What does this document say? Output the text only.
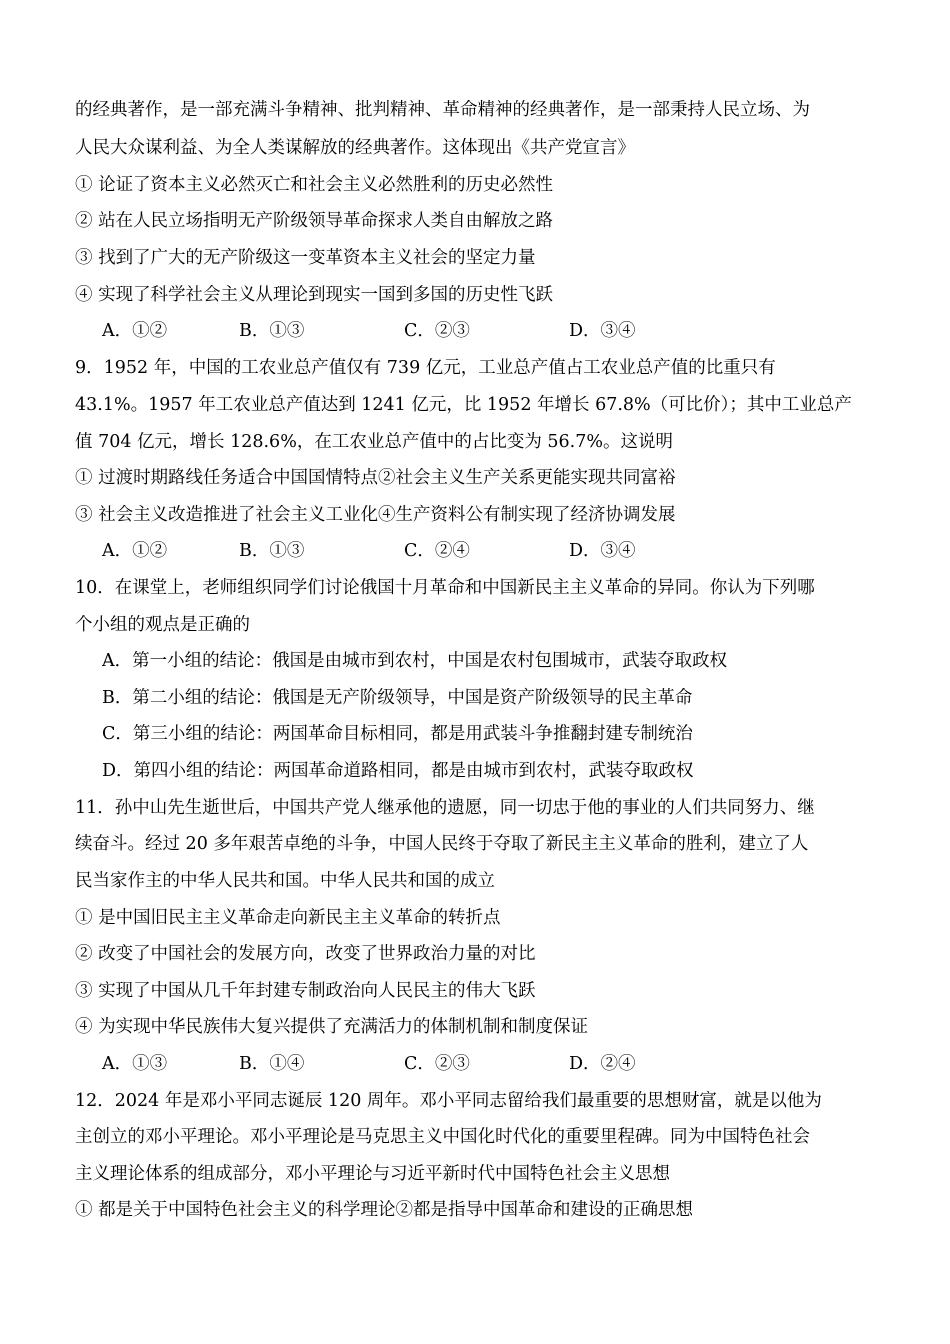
的经典著作，是一部充满斗争精神、批判精神、革命精神的经典著作，是一部秉持人民立场、为
人民大众谋利益、为全人类谋解放的经典著作。这体现出《共产党宣言》
① 论证了资本主义必然灭亡和社会主义必然胜利的历史必然性
② 站在人民立场指明无产阶级领导革命探求人类自由解放之路
③ 找到了广大的无产阶级这一变革资本主义社会的坚定力量
④ 实现了科学社会主义从理论到现实一国到多国的历史性飞跃
A．①②	B．①③	C．②③	D．③④
9．1952 年，中国的工农业总产值仅有 739 亿元，工业总产值占工农业总产值的比重只有
43.1%。1957 年工农业总产值达到 1241 亿元，比 1952 年增长 67.8%（可比价）；其中工业总产
值 704 亿元，增长 128.6%，在工农业总产值中的占比变为 56.7%。这说明
① 过渡时期路线任务适合中国国情特点②社会主义生产关系更能实现共同富裕
③ 社会主义改造推进了社会主义工业化④生产资料公有制实现了经济协调发展
A．①②	B．①③	C．②④	D．③④
10．在课堂上，老师组织同学们讨论俄国十月革命和中国新民主主义革命的异同。你认为下列哪
个小组的观点是正确的
A．第一小组的结论：俄国是由城市到农村，中国是农村包围城市，武装夺取政权
B．第二小组的结论：俄国是无产阶级领导，中国是资产阶级领导的民主革命
C．第三小组的结论：两国革命目标相同，都是用武装斗争推翻封建专制统治
D．第四小组的结论：两国革命道路相同，都是由城市到农村，武装夺取政权
11．孙中山先生逝世后，中国共产党人继承他的遗愿，同一切忠于他的事业的人们共同努力、继
续奋斗。经过 20 多年艰苦卓绝的斗争，中国人民终于夺取了新民主主义革命的胜利，建立了人
民当家作主的中华人民共和国。中华人民共和国的成立
① 是中国旧民主主义革命走向新民主主义革命的转折点
② 改变了中国社会的发展方向，改变了世界政治力量的对比
③ 实现了中国从几千年封建专制政治向人民民主的伟大飞跃
④ 为实现中华民族伟大复兴提供了充满活力的体制机制和制度保证
A．①③	B．①④	C．②③	D．②④
12．2024 年是邓小平同志诞辰 120 周年。邓小平同志留给我们最重要的思想财富，就是以他为
主创立的邓小平理论。邓小平理论是马克思主义中国化时代化的重要里程碑。同为中国特色社会
主义理论体系的组成部分，邓小平理论与习近平新时代中国特色社会主义思想
① 都是关于中国特色社会主义的科学理论②都是指导中国革命和建设的正确思想
